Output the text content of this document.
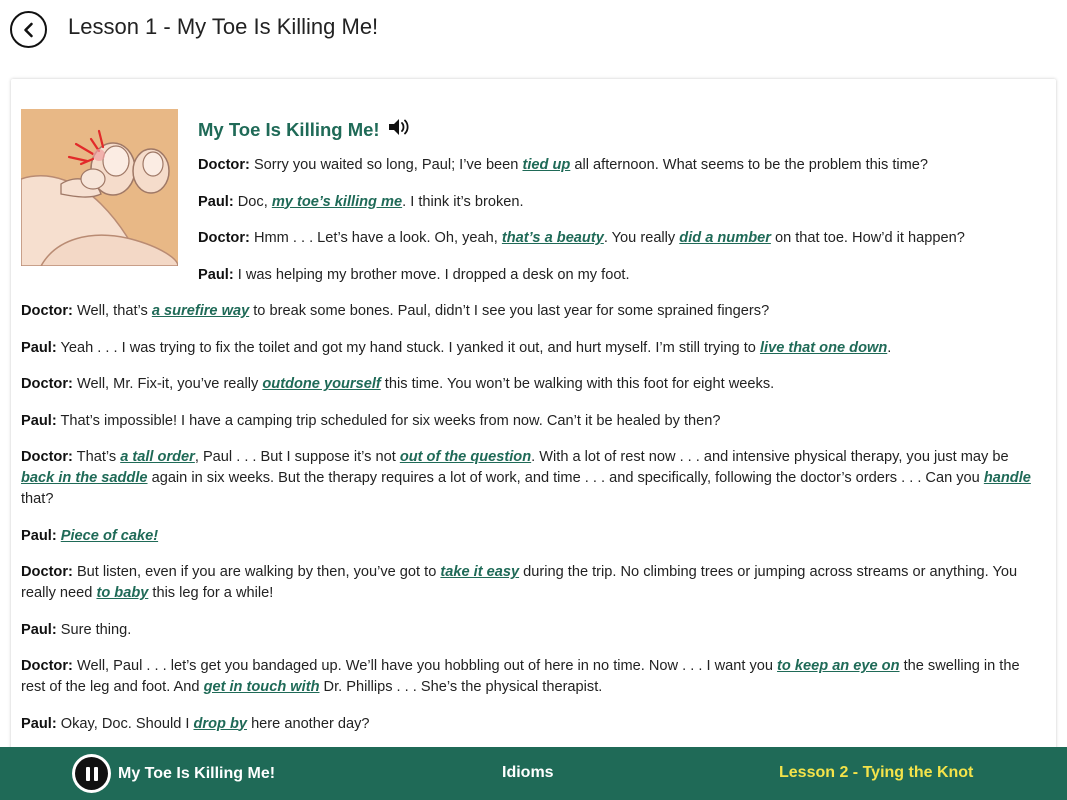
Lesson 1 - My Toe Is Killing Me!
My Toe Is Killing Me!

Doctor: Sorry you waited so long, Paul; I’ve been tied up all afternoon. What seems to be the problem this time?

Paul: Doc, my toe’s killing me. I think it’s broken.

Doctor: Hmm . . . Let’s have a look. Oh, yeah, that’s a beauty. You really did a number on that toe. How’d it happen?

Paul: I was helping my brother move. I dropped a desk on my foot.

Doctor: Well, that’s a surefire way to break some bones. Paul, didn’t I see you last year for some sprained fingers?

Paul: Yeah . . . I was trying to fix the toilet and got my hand stuck. I yanked it out, and hurt myself. I’m still trying to live that one down.

Doctor: Well, Mr. Fix-it, you’ve really outdone yourself this time. You won’t be walking with this foot for eight weeks.

Paul: That’s impossible! I have a camping trip scheduled for six weeks from now. Can’t it be healed by then?

Doctor: That’s a tall order, Paul . . . But I suppose it’s not out of the question. With a lot of rest now . . . and intensive physical therapy, you just may be back in the saddle again in six weeks. But the therapy requires a lot of work, and time . . . and specifically, following the doctor’s orders . . . Can you handle that?

Paul: Piece of cake!

Doctor: But listen, even if you are walking by then, you’ve got to take it easy during the trip. No climbing trees or jumping across streams or anything. You really need to baby this leg for a while!

Paul: Sure thing.

Doctor: Well, Paul . . . let’s get you bandaged up. We’ll have you hobbling out of here in no time. Now . . . I want you to keep an eye on the swelling in the rest of the leg and foot. And get in touch with Dr. Phillips . . . She’s the physical therapist.

Paul: Okay, Doc. Should I drop by here another day?

My Toe Is Killing Me!	Idioms	Lesson 2 - Tying the Knot
